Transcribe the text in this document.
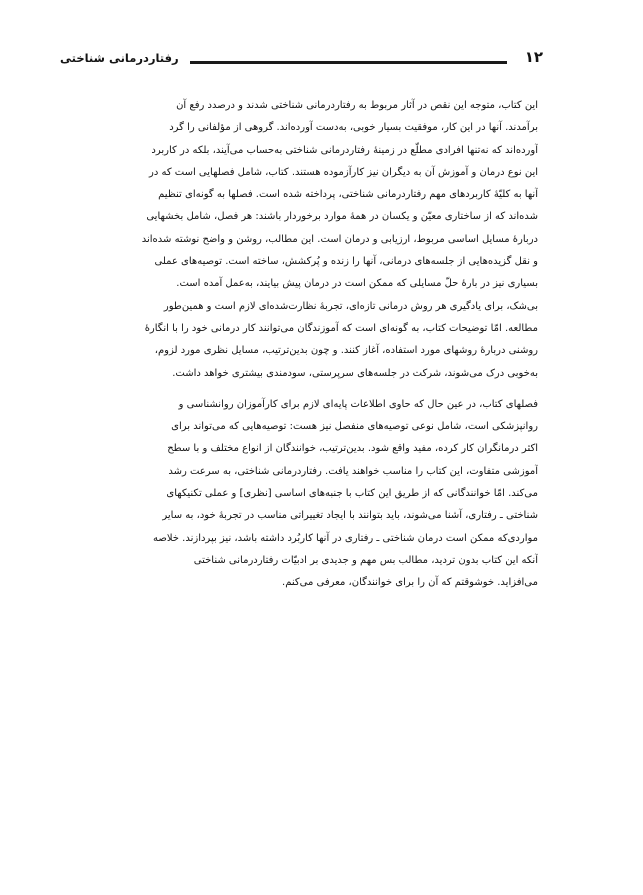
۱۲
رفتاردرمانی شناختی
این کتاب، متوجه این نقص در آثار مربوط به رفتار‌درمانی شناختی شدند و درصدد رفع آن
برآمدند. آنها در این کار، موفقیت بسیار خوبی، به‌دست آورده‌اند. گروهی از مؤلفانی را گرد
آورده‌اند که نه‌تنها افرادی مطلّع در زمینهٔ رفتار‌درمانی شناختی به‌حساب می‌آیند، بلکه در کاربرد
این نوع درمان و آموزش آن به دیگران نیز کارآزموده هستند. کتاب، شامل فصلهایی است که در
آنها به کلیّهٔ کاربردهای مهم رفتار‌درمانی شناختی، پرداخته شده است. فصلها به گونه‌ای تنظیم
شده‌اند که از ساختاری معیّن و یکسان در همهٔ موارد برخوردار باشند: هر فصل، شامل بخشهایی
دربارهٔ مسایل اساسی مربوط، ارزیابی و درمان است. این مطالب، روشن و واضح نوشته شده‌اند
و نقل گزیده‌هایی از جلسه‌های درمانی، آنها را زنده و پُرکشش، ساخته است. توصیه‌های عملی
بسیاری نیز در بارهٔ حلّ مسایلی که ممکن است در درمان پیش بیایند، به‌عمل آمده است.
بی‌شک، برای یادگیری هر روش درمانی تازه‌ای، تجربهٔ نظارت‌شده‌ای لازم است و همین‌طور
مطالعه. امّا توضیحات کتاب، به گونه‌ای است که آموزندگان می‌توانند کار درمانی خود را با انگارهٔ
روشنی دربارهٔ روشهای مورد استفاده، آغاز کنند. و چون بدین‌ترتیب، مسایل نظری مورد لزوم،
به‌خوبی درک می‌شوند، شرکت در جلسه‌های سرپرستی، سودمندی بیشتری خواهد داشت.
فصلهای کتاب، در عین حال که حاوی اطلاعات پایه‌ای لازم برای کارآموزان روانشناسی و
روانپزشکی است، شامل نوعی توصیه‌های منفصل نیز هست: توصیه‌هایی که می‌تواند برای
اکثر درمانگران کار کرده، مفید واقع شود. بدین‌ترتیب، خوانندگان از انواع مختلف و با سطح
آموزشی متفاوت، این کتاب را مناسب خواهند یافت. رفتاردرمانی شناختی، به سرعت رشد
می‌کند. امّا خوانندگانی که از طریق این کتاب با جنبه‌های اساسی [نظری] و عملی تکنیکهای
شناختی ـ رفتاری، آشنا می‌شوند، باید بتوانند با ایجاد تغییراتی مناسب در تجربهٔ خود، به سایر
مواردی‌که ممکن است درمان شناختی ـ رفتاری در آنها کاربُرد داشته باشد، نیز بپردازند. خلاصه
آنکه این کتاب بدون تردید، مطالب بس مهم و جدیدی بر ادبیّات رفتاردرمانی شناختی
می‌افزاید. خوشوقتم که آن را برای خوانندگان، معرفی می‌کنم.
